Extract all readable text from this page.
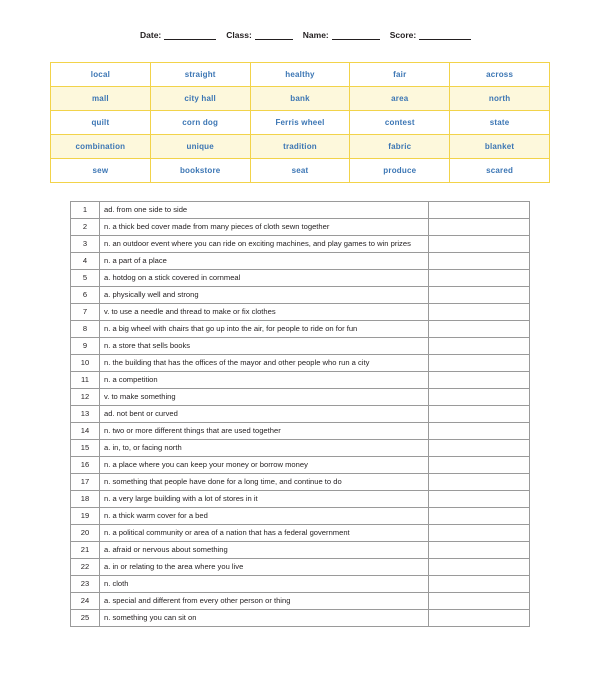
Date:	Class:	Name:	Score:
local	straight	healthy	fair	across
mall	city hall	bank	area	north
quilt	corn dog	Ferris wheel	contest	state
combination	unique	tradition	fabric	blanket
sew	bookstore	seat	produce	scared
1	ad. from one side to side	
2	n. a thick bed cover made from many pieces of cloth sewn together	
3	n. an outdoor event where you can ride on exciting machines, and play games to win prizes	
4	n. a part of a place	
5	a. hotdog on a stick covered in cornmeal	
6	a. physically well and strong	
7	v. to use a needle and thread to make or fix clothes	
8	n. a big wheel with chairs that go up into the air, for people to ride on for fun	
9	n. a store that sells books	
10	n. the building that has the offices of the mayor and other people who run a city	
11	n. a competition	
12	v. to make something	
13	ad. not bent or curved	
14	n. two or more different things that are used together	
15	a. in, to, or facing north	
16	n. a place where you can keep your money or borrow money	
17	n. something that people have done for a long time, and continue to do	
18	n. a very large building with a lot of stores in it	
19	n. a thick warm cover for a bed	
20	n. a political community or area of a nation that has a federal government	
21	a. afraid or nervous about something	
22	a. in or relating to the area where you live	
23	n. cloth	
24	a. special and different from every other person or thing	
25	n. something you can sit on	
